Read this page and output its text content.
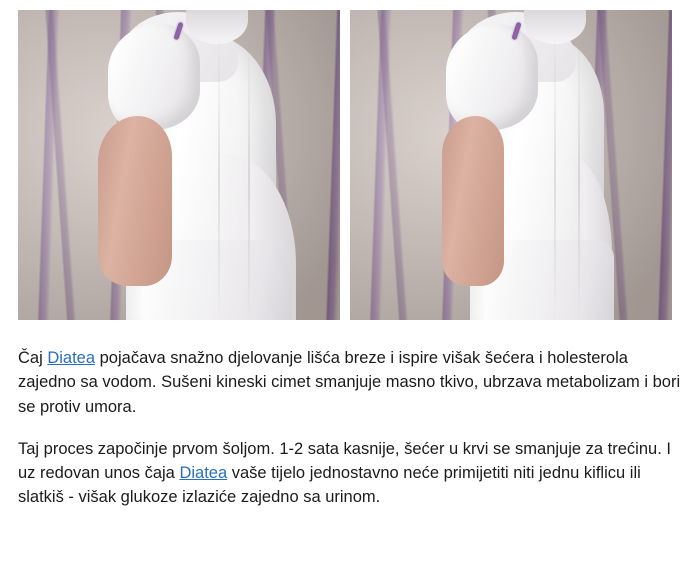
Čaj Diatea pojačava snažno djelovanje lišća breze i ispire višak šećera i holesterola zajedno sa vodom. Sušeni kineski cimet smanjuje masno tkivo, ubrzava metabolizam i bori se protiv umora.

Taj proces započinje prvom šoljom. 1-2 sata kasnije, šećer u krvi se smanjuje za trećinu. I uz redovan unos čaja Diatea vaše tijelo jednostavno neće primijetiti niti jednu kiflicu ili slatkiš - višak glukoze izlaziće zajedno sa urinom.
